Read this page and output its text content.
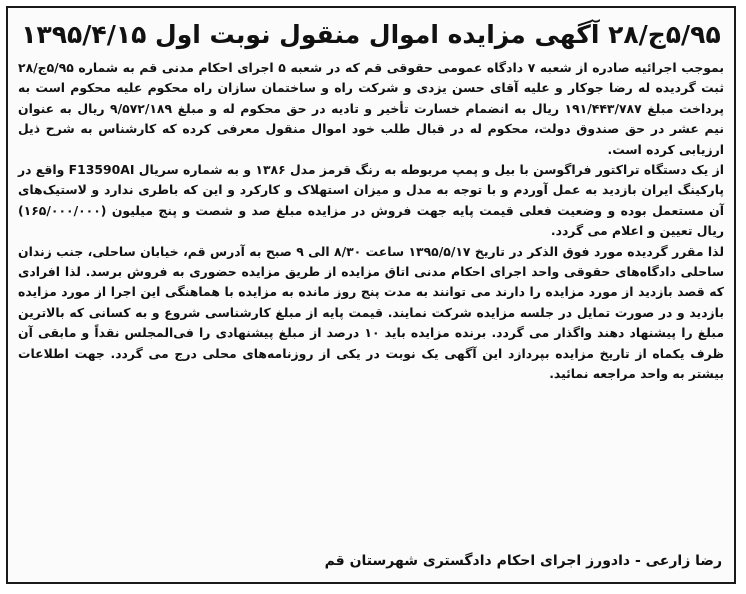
۵/۹۵ج/۲۸ آگهی مزایده اموال منقول نوبت اول ۱۳۹۵/۴/۱۵

بموجب اجرائیه صادره از شعبه ۷ دادگاه عمومی حقوقی قم که در شعبه ۵ اجرای احکام مدنی قم به شماره ۵/۹۵ج/۲۸ ثبت گردیده له رضا جوکار و علیه آقای حسن یزدی و شرکت راه و ساختمان سازان راه محکوم علیه محکوم است به پرداخت مبلغ ۱۹۱/۴۴۳/۷۸۷ ریال به انضمام خسارت تأخیر و تادیه در حق محکوم له و مبلغ ۹/۵۷۲/۱۸۹ ریال به عنوان نیم عشر در حق صندوق دولت، محکوم له در قبال طلب خود اموال منقول معرفی کرده که کارشناس به شرح ذیل ارزیابی کرده است.

از یک دستگاه تراکتور فراگوسن با بیل و پمپ مربوطه به رنگ قرمز مدل ۱۳۸۶ و به شماره سریال F13590AI واقع در پارکینگ ایران بازدید به عمل آوردم و با توجه به مدل و میزان استهلاک و کارکرد و این که باطری ندارد و لاستیک‌های آن مستعمل بوده و وضعیت فعلی قیمت پایه جهت فروش در مزایده مبلغ صد و شصت و پنج میلیون (۱۶۵/۰۰۰/۰۰۰) ریال تعیین و اعلام می گردد.

لذا مقرر گردیده مورد فوق الذکر در تاریخ ۱۳۹۵/۵/۱۷ ساعت ۸/۳۰ الی ۹ صبح به آدرس قم، خیابان ساحلی، جنب زندان ساحلی دادگاه‌های حقوقی واحد اجرای احکام مدنی اتاق مزایده از طریق مزایده حضوری به فروش برسد. لذا افرادی که قصد بازدید از مورد مزایده را دارند می توانند به مدت پنج روز مانده به مزایده با هماهنگی این اجرا از مورد مزایده بازدید و در صورت تمایل در جلسه مزایده شرکت نمایند. قیمت پایه از مبلغ کارشناسی شروع و به کسانی که بالاترین مبلغ را پیشنهاد دهند واگذار می گردد. برنده مزایده باید ۱۰ درصد از مبلغ پیشنهادی را فی‌المجلس نقداً و مابقی آن ظرف یکماه از تاریخ مزایده بپردازد این آگهی یک نوبت در یکی از روزنامه‌های محلی درج می گردد. جهت اطلاعات بیشتر به واحد مراجعه نمائید.

رضا زارعی - دادورز اجرای احکام دادگستری شهرستان قم
